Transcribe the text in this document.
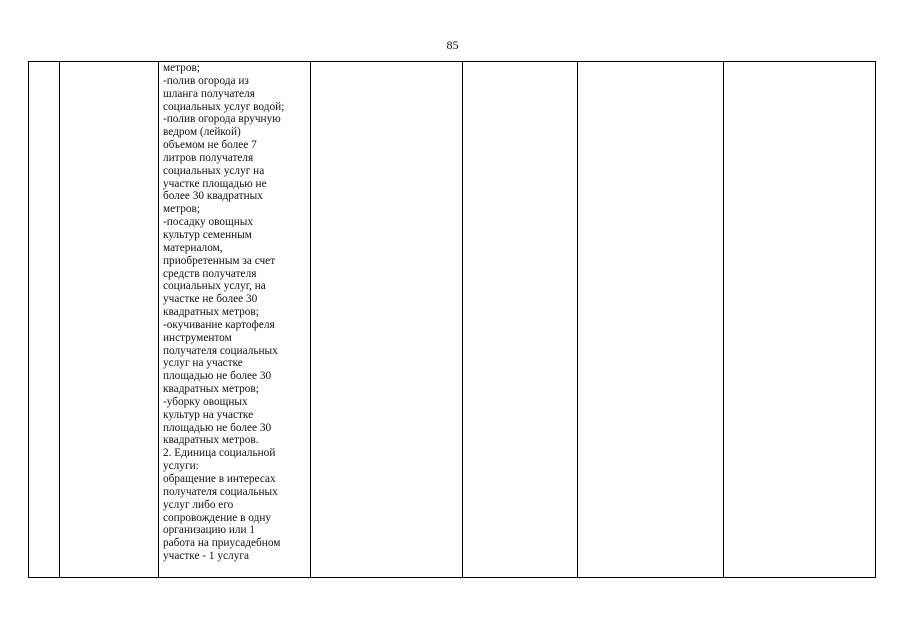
85

метров;
-полив огорода из
шланга получателя
социальных услуг водой;
-полив огорода вручную
ведром (лейкой)
объемом не более 7
литров получателя
социальных услуг на
участке площадью не
более 30 квадратных
метров;
-посадку овощных
культур семенным
материалом,
приобретенным за счет
средств получателя
социальных услуг, на
участке не более 30
квадратных метров;
-окучивание картофеля
инструментом
получателя социальных
услуг на участке
площадью не более 30
квадратных метров;
-уборку овощных
культур на участке
площадью не более 30
квадратных метров.
2. Единица социальной
услуги:
обращение в интересах
получателя социальных
услуг либо его
сопровождение в одну
организацию или 1
работа на приусадебном
участке - 1 услуга
